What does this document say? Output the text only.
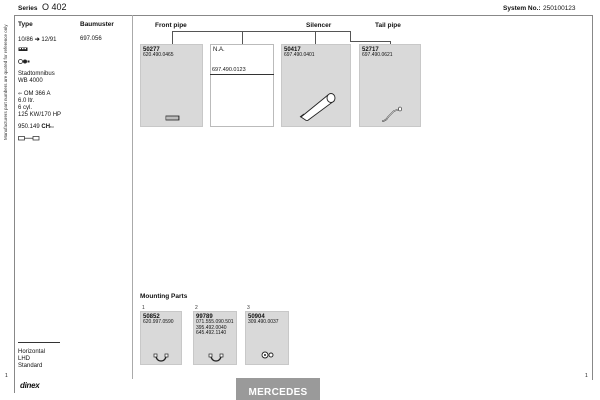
Manufacturers part numbers are quoted for reference only
Series O 402	System No.: 250100123
Type	Baumuster	Front pipe	Silencer	Tail pipe
10/86 ➔ 12/91	697.056
Stadtomnibus
WB 4000
⇐ OM 366 A
6.0 ltr.
6 cyl.
125 KW/170 HP
950.149 CHro
50277
620.490.0465
N.A.
697.490.0123
50417
697.490.0401
52717
697.490.0621
Mounting Parts
1
50852
620.997.0590
2
99789
071.555.090.501
395.492.0040
645.492.1140
3
50904
309.490.0037
Horizontal
LHD
Standard
1	1
dinex
MERCEDES
